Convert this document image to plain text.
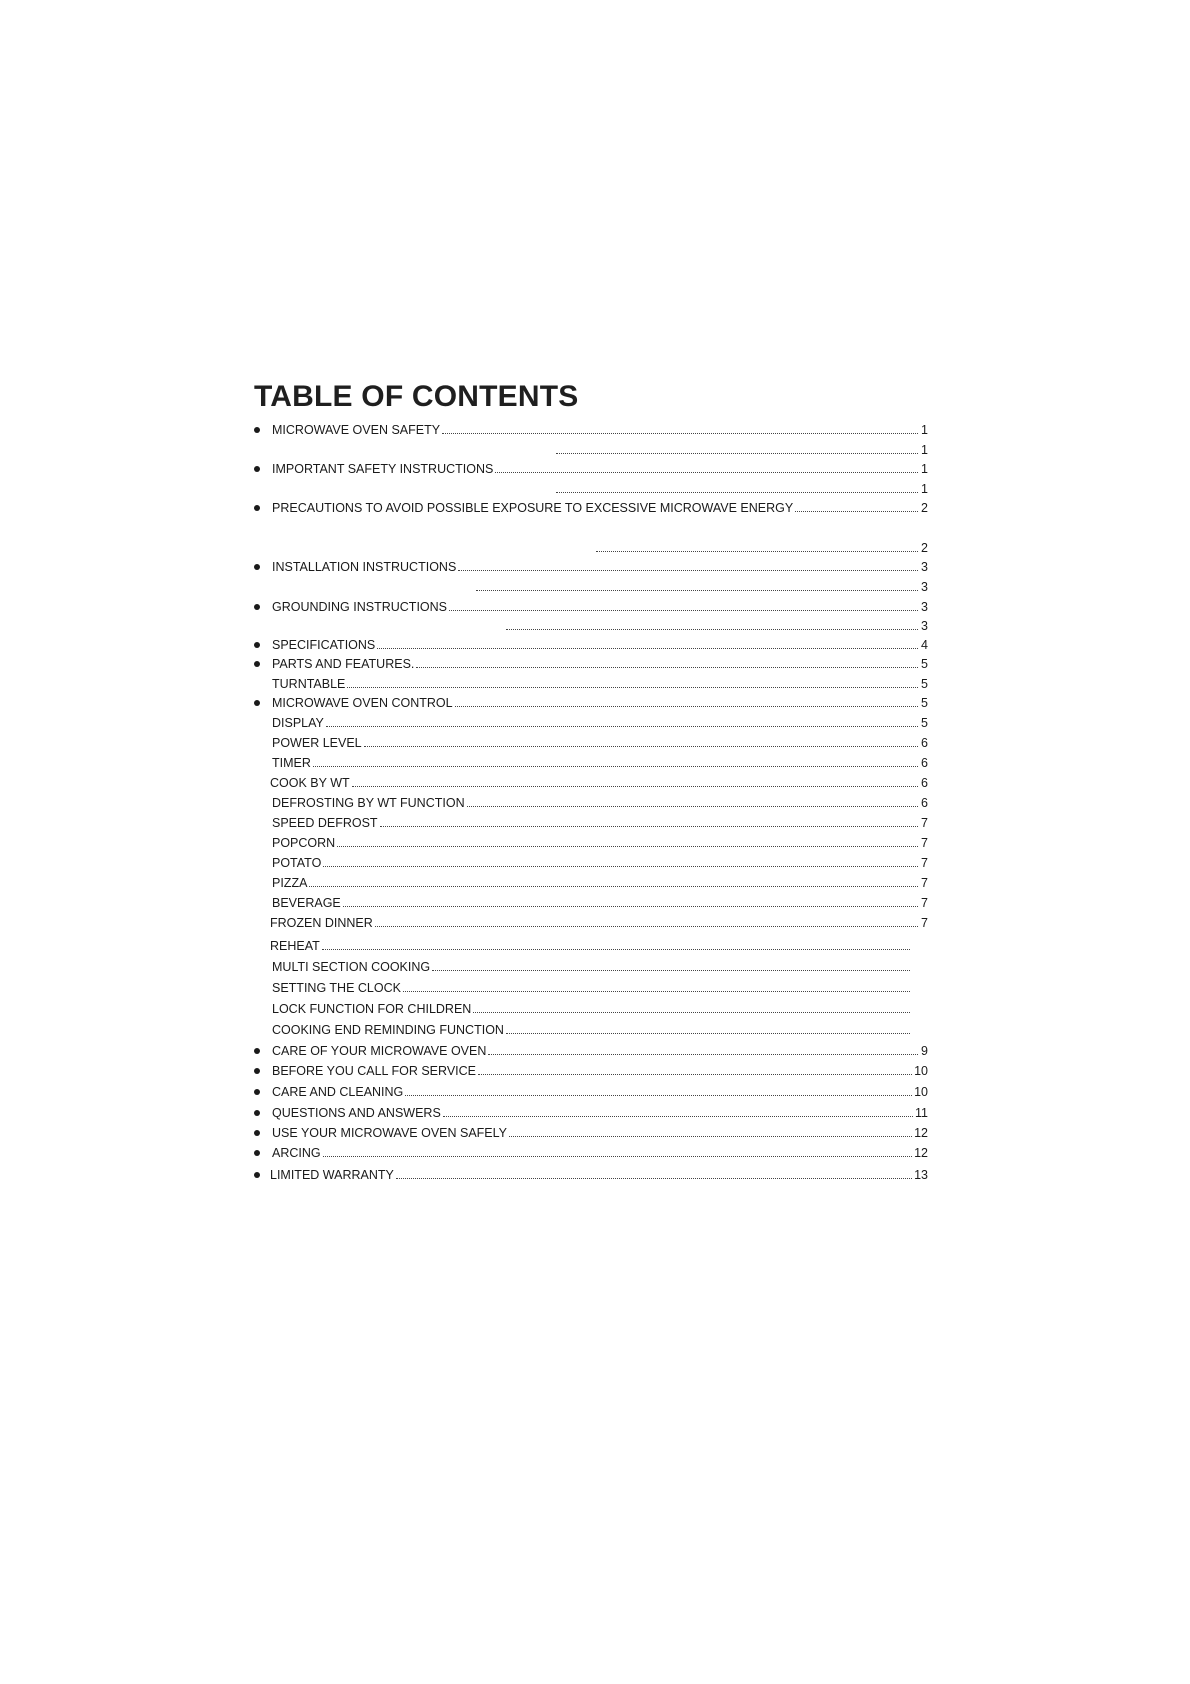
TABLE OF CONTENTS
MICROWAVE OVEN SAFETY	1
1
IMPORTANT SAFETY INSTRUCTIONS	1
1
PRECAUTIONS TO AVOID POSSIBLE EXPOSURE TO EXCESSIVE MICROWAVE ENERGY	2
2
INSTALLATION INSTRUCTIONS	3
3
GROUNDING INSTRUCTIONS	3
3
SPECIFICATIONS	4
PARTS AND FEATURES.	5
TURNTABLE	5
MICROWAVE OVEN CONTROL	5
DISPLAY	5
POWER LEVEL	6
TIMER	6
COOK BY WT	6
DEFROSTING BY WT FUNCTION	6
SPEED DEFROST	7
POPCORN	7
POTATO	7
PIZZA	7
BEVERAGE	7
FROZEN DINNER	7
REHEAT
MULTI SECTION COOKING
SETTING THE CLOCK
LOCK FUNCTION FOR CHILDREN
COOKING END REMINDING FUNCTION
CARE OF YOUR MICROWAVE OVEN	9
BEFORE YOU CALL FOR SERVICE	10
CARE AND CLEANING	10
QUESTIONS AND ANSWERS	11
USE YOUR MICROWAVE OVEN SAFELY	12
ARCING	12
LIMITED WARRANTY	13
